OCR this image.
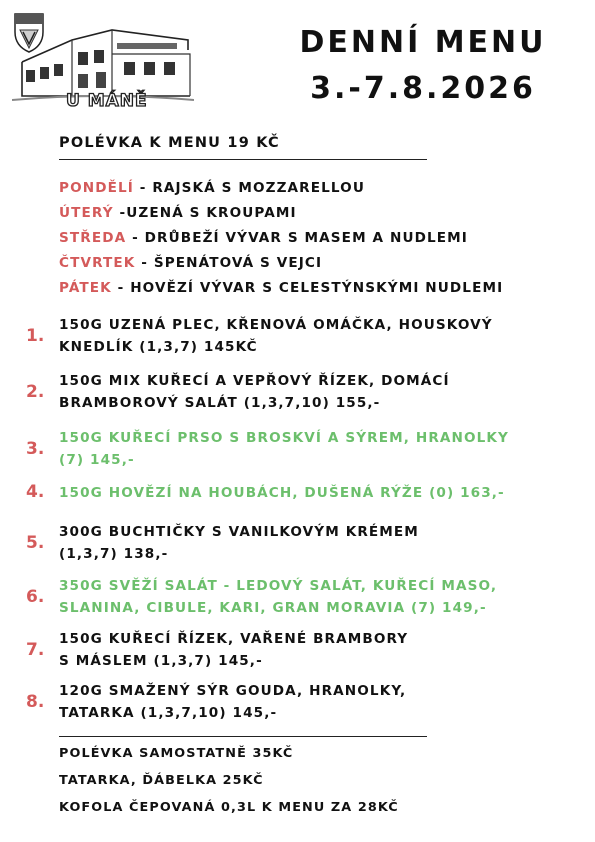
U MÁNĚ
DENNÍ MENU
3.-7.8.2026
POLÉVKA K MENU 19 KČ
PONDĚLÍ - RAJSKÁ S MOZZARELLOU
ÚTERÝ -UZENÁ S KROUPAMI
STŘEDA - DRŮBEŽÍ VÝVAR S MASEM A NUDLEMI
ČTVRTEK - ŠPENÁTOVÁ S VEJCI
PÁTEK - HOVĚZÍ VÝVAR S CELESTÝNSKÝMI NUDLEMI
1.
150G UZENÁ PLEC, KŘENOVÁ OMÁČKA, HOUSKOVÝ
KNEDLÍK (1,3,7) 145KČ
2.
150G MIX KUŘECÍ A VEPŘOVÝ ŘÍZEK, DOMÁCÍ
BRAMBOROVÝ SALÁT (1,3,7,10) 155,-
3.
150G KUŘECÍ PRSO S BROSKVÍ A SÝREM, HRANOLKY
(7) 145,-
4. 150G HOVĚZÍ NA HOUBÁCH, DUŠENÁ RÝŽE (0) 163,-
5.
300G BUCHTIČKY S VANILKOVÝM KRÉMEM
(1,3,7) 138,-
6.
350G SVĚŽÍ SALÁT - LEDOVÝ SALÁT, KUŘECÍ MASO,
SLANINA, CIBULE, KARI, GRAN MORAVIA (7) 149,-
7.
150G KUŘECÍ ŘÍZEK, VAŘENÉ BRAMBORY
S MÁSLEM (1,3,7) 145,-
8.
120G SMAŽENÝ SÝR GOUDA, HRANOLKY,
TATARKA (1,3,7,10) 145,-
POLÉVKA SAMOSTATNĚ 35KČ
TATARKA, ĎÁBELKA 25KČ
KOFOLA ČEPOVANÁ 0,3L K MENU ZA 28KČ
